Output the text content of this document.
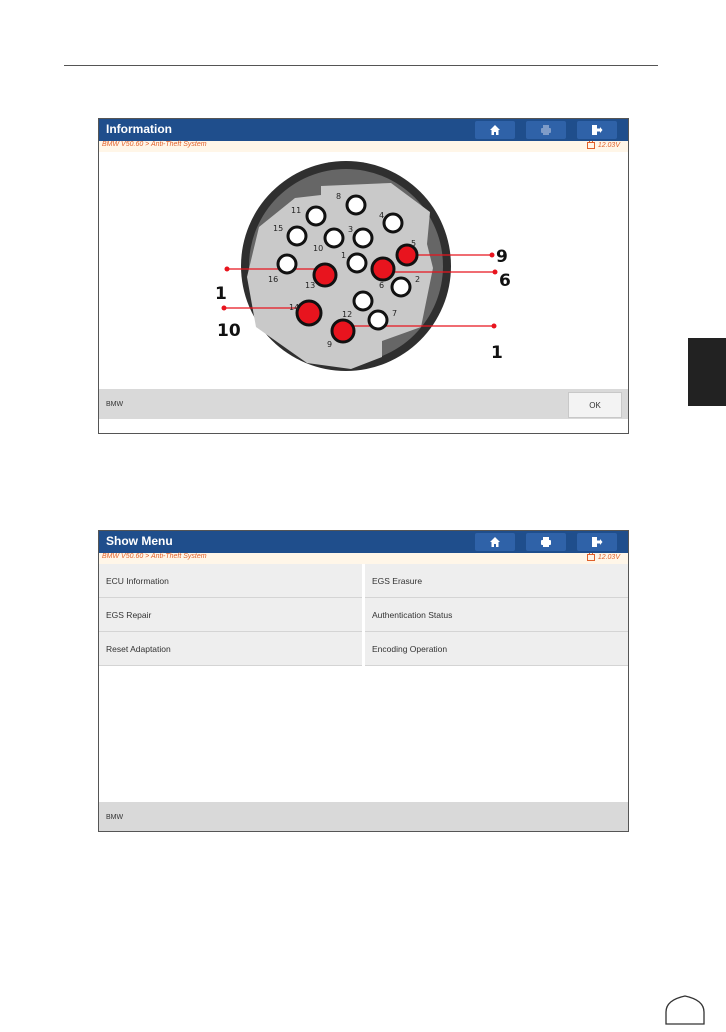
Information
BMW V50.60 > Anti-Theft System	12.03V
8
11
4
3
15
10
5
1
16
13	6
2
12
14
7
9
1
10
9
6
1
BMW	OK
Show Menu
BMW V50.60 > Anti-Theft System	12.03V
ECU Information	EGS Erasure
EGS Repair	Authentication Status
Reset Adaptation	Encoding Operation
BMW
